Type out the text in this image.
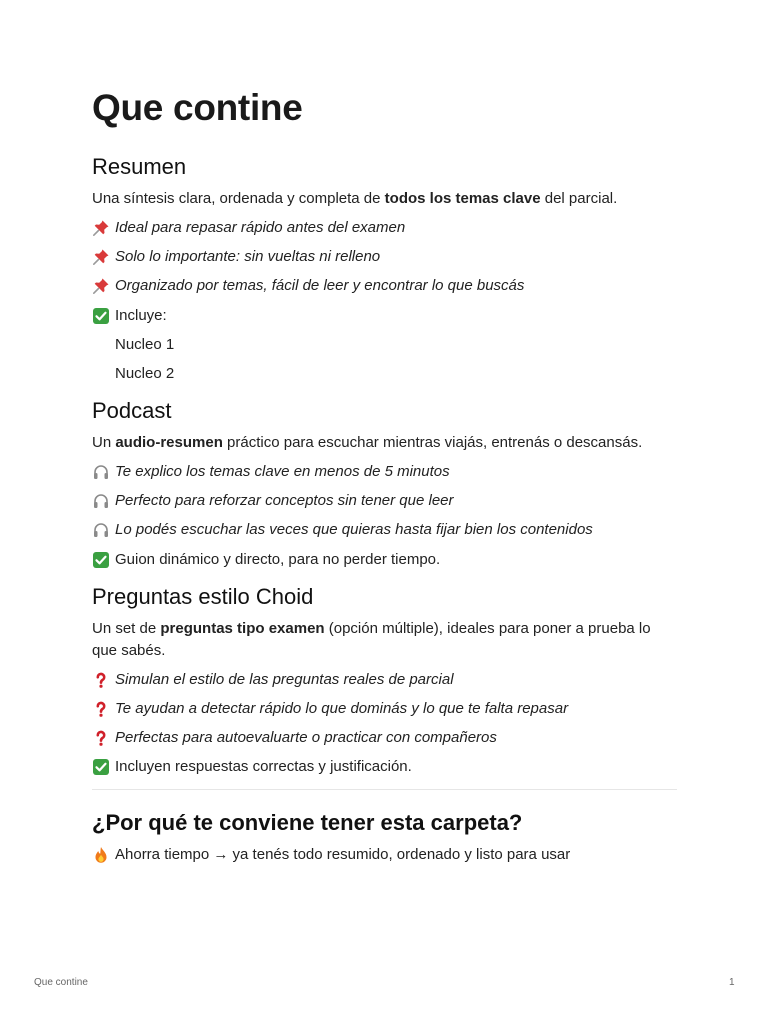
Que contine
Resumen

Una síntesis clara, ordenada y completa de todos los temas clave del parcial.

Ideal para repasar rápido antes del examen
Solo lo importante: sin vueltas ni relleno
Organizado por temas, fácil de leer y encontrar lo que buscás
Incluye:
Nucleo 1
Nucleo 2
Podcast

Un audio-resumen práctico para escuchar mientras viajás, entrenás o descansás.

Te explico los temas clave en menos de 5 minutos
Perfecto para reforzar conceptos sin tener que leer
Lo podés escuchar las veces que quieras hasta fijar bien los contenidos
Guion dinámico y directo, para no perder tiempo.
Preguntas estilo Choid

Un set de preguntas tipo examen (opción múltiple), ideales para poner a prueba lo que sabés.

Simulan el estilo de las preguntas reales de parcial
Te ayudan a detectar rápido lo que dominás y lo que te falta repasar
Perfectas para autoevaluarte o practicar con compañeros
Incluyen respuestas correctas y justificación.
¿Por qué te conviene tener esta carpeta?
Ahorra tiempo → ya tenés todo resumido, ordenado y listo para usar
Que contine	1
